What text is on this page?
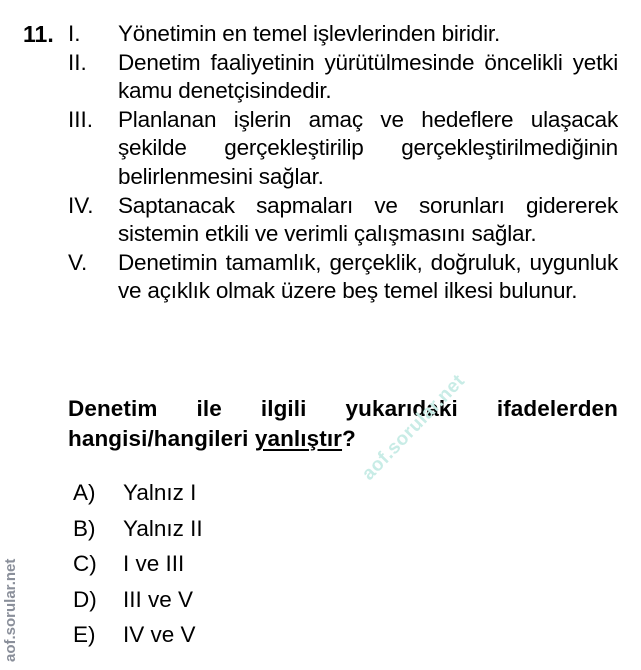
11. I.	Yönetimin en temel işlevlerinden biridir.
II.	Denetim faaliyetinin yürütülmesinde öncelikli yetki kamu denetçisindedir.
III.	Planlanan işlerin amaç ve hedeflere ulaşacak şekilde gerçekleştirilip gerçekleştirilmediğinin belirlenmesini sağlar.
IV.	Saptanacak sapmaları ve sorunları gidererek sistemin etkili ve verimli çalışmasını sağlar.
V.	Denetimin tamamlık, gerçeklik, doğruluk, uygunluk ve açıklık olmak üzere beş temel ilkesi bulunur.
Denetim ile ilgili yukarıdaki ifadelerden hangisi/hangileri yanlıştır?
A)	Yalnız I
B)	Yalnız II
C)	I ve III
D)	III ve V
E)	IV ve V
aof.sorular.net
aof.sorular.net
